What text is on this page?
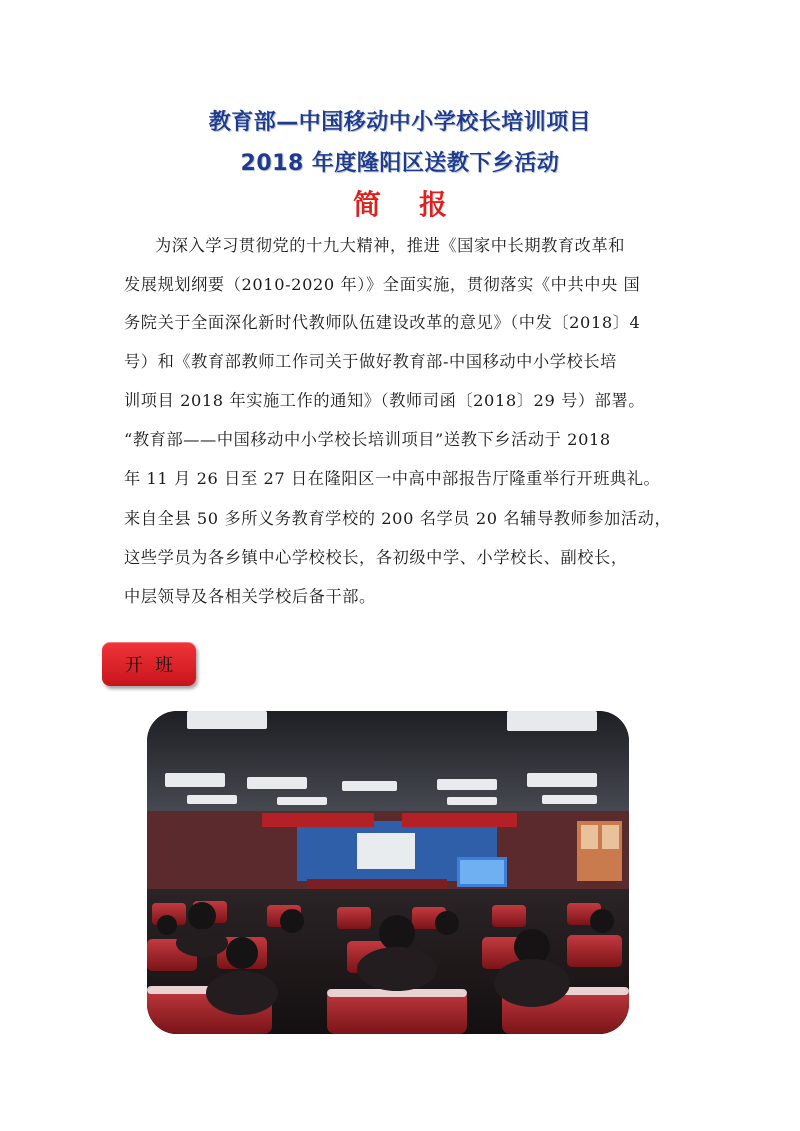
教育部—中国移动中小学校长培训项目
2018 年度隆阳区送教下乡活动
简报
为深入学习贯彻党的十九大精神，推进《国家中长期教育改革和
发展规划纲要（2010-2020 年）》全面实施，贯彻落实《中共中央 国
务院关于全面深化新时代教师队伍建设改革的意见》（中发〔2018〕4
号）和《教育部教师工作司关于做好教育部-中国移动中小学校长培
训项目 2018 年实施工作的通知》（教师司函〔2018〕29 号）部署。
“教育部——中国移动中小学校长培训项目”送教下乡活动于 2018
年 11 月 26 日至 27 日在隆阳区一中高中部报告厅隆重举行开班典礼。
来自全县 50 多所义务教育学校的 200 名学员 20 名辅导教师参加活动，
这些学员为各乡镇中心学校校长，各初级中学、小学校长、副校长，
中层领导及各相关学校后备干部。
开班
